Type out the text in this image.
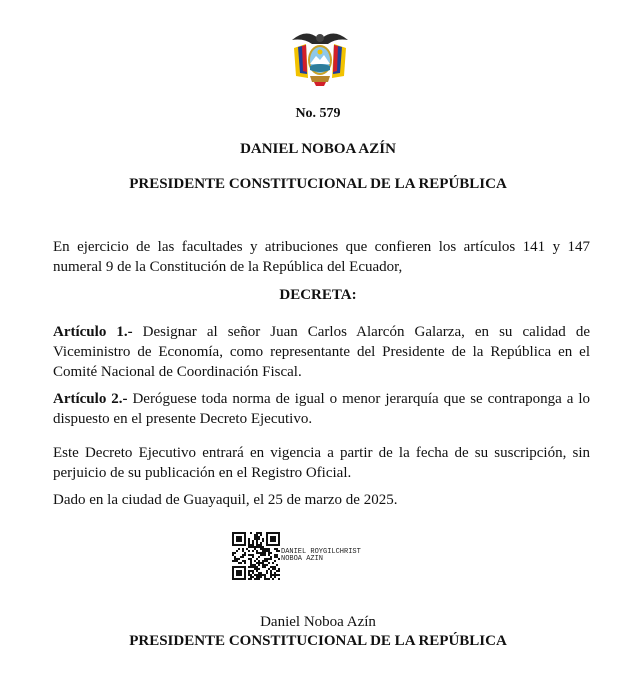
No. 579
DANIEL NOBOA AZÍN
PRESIDENTE CONSTITUCIONAL DE LA REPÚBLICA
En ejercicio de las facultades y atribuciones que confieren los artículos 141 y 147 numeral 9 de la Constitución de la República del Ecuador,
DECRETA:
Artículo 1.- Designar al señor Juan Carlos Alarcón Galarza, en su calidad de Viceministro de Economía, como representante del Presidente de la República en el Comité Nacional de Coordinación Fiscal.
Artículo 2.- Deróguese toda norma de igual o menor jerarquía que se contraponga a lo dispuesto en el presente Decreto Ejecutivo.
Este Decreto Ejecutivo entrará en vigencia a partir de la fecha de su suscripción, sin perjuicio de su publicación en el Registro Oficial.
Dado en la ciudad de Guayaquil, el 25 de marzo de 2025.
DANIEL ROYGILCHRIST
NOBOA AZIN
Daniel Noboa Azín
PRESIDENTE CONSTITUCIONAL DE LA REPÚBLICA
